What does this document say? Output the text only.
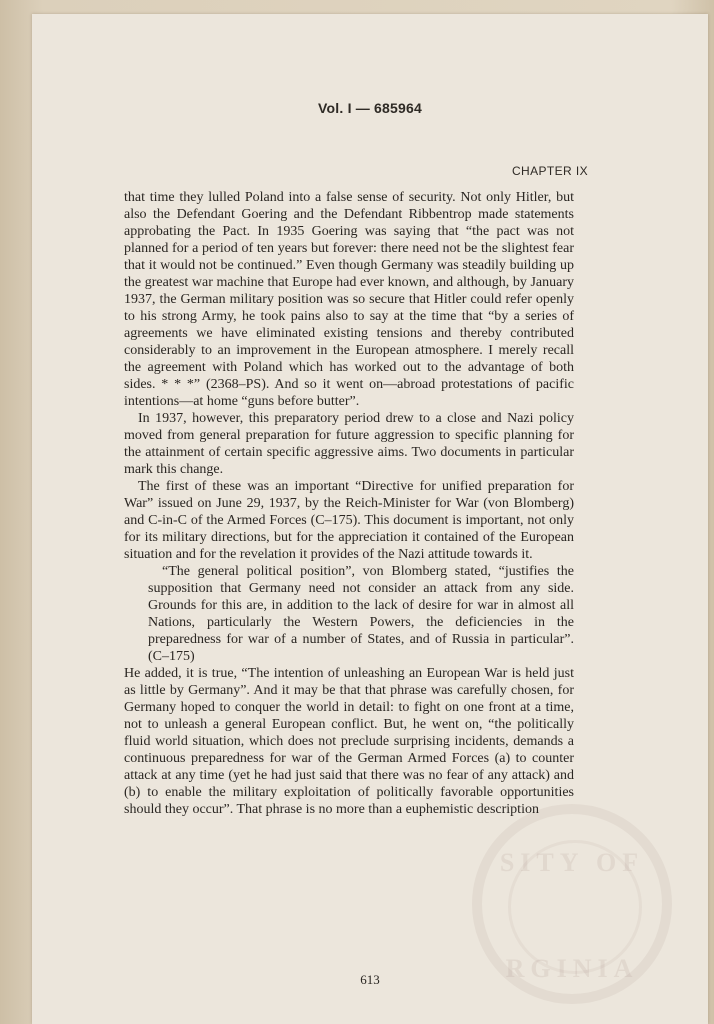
SITY OF
RGINIA
Vol. I — 685964
CHAPTER IX

that time they lulled Poland into a false sense of security. Not only Hitler, but also the Defendant Goering and the Defendant Ribbentrop made statements approbating the Pact. In 1935 Goering was saying that “the pact was not planned for a period of ten years but forever: there need not be the slightest fear that it would not be continued.” Even though Germany was steadily building up the greatest war machine that Europe had ever known, and although, by January 1937, the German military position was so secure that Hitler could refer openly to his strong Army, he took pains also to say at the time that “by a series of agreements we have eliminated existing tensions and thereby contributed considerably to an improvement in the European atmosphere. I merely recall the agreement with Poland which has worked out to the advantage of both sides. * * *” (2368–PS). And so it went on—abroad protestations of pacific intentions—at home “guns before butter”.

In 1937, however, this preparatory period drew to a close and Nazi policy moved from general preparation for future aggression to specific planning for the attainment of certain specific aggressive aims. Two documents in particular mark this change.

The first of these was an important “Directive for unified preparation for War” issued on June 29, 1937, by the Reich-Minister for War (von Blomberg) and C-in-C of the Armed Forces (C–175). This document is important, not only for its military directions, but for the appreciation it contained of the European situation and for the revelation it provides of the Nazi attitude towards it.

“The general political position”, von Blomberg stated, “justifies the supposition that Germany need not consider an attack from any side. Grounds for this are, in addition to the lack of desire for war in almost all Nations, particularly the Western Powers, the deficiencies in the preparedness for war of a number of States, and of Russia in particular”. (C–175)

He added, it is true, “The intention of unleashing an European War is held just as little by Germany”. And it may be that that phrase was carefully chosen, for Germany hoped to conquer the world in detail: to fight on one front at a time, not to unleash a general European conflict. But, he went on, “the politically fluid world situation, which does not preclude surprising incidents, demands a continuous preparedness for war of the German Armed Forces (a) to counter attack at any time (yet he had just said that there was no fear of any attack) and (b) to enable the military exploitation of politically favorable opportunities should they occur”. That phrase is no more than a euphemistic description

613
